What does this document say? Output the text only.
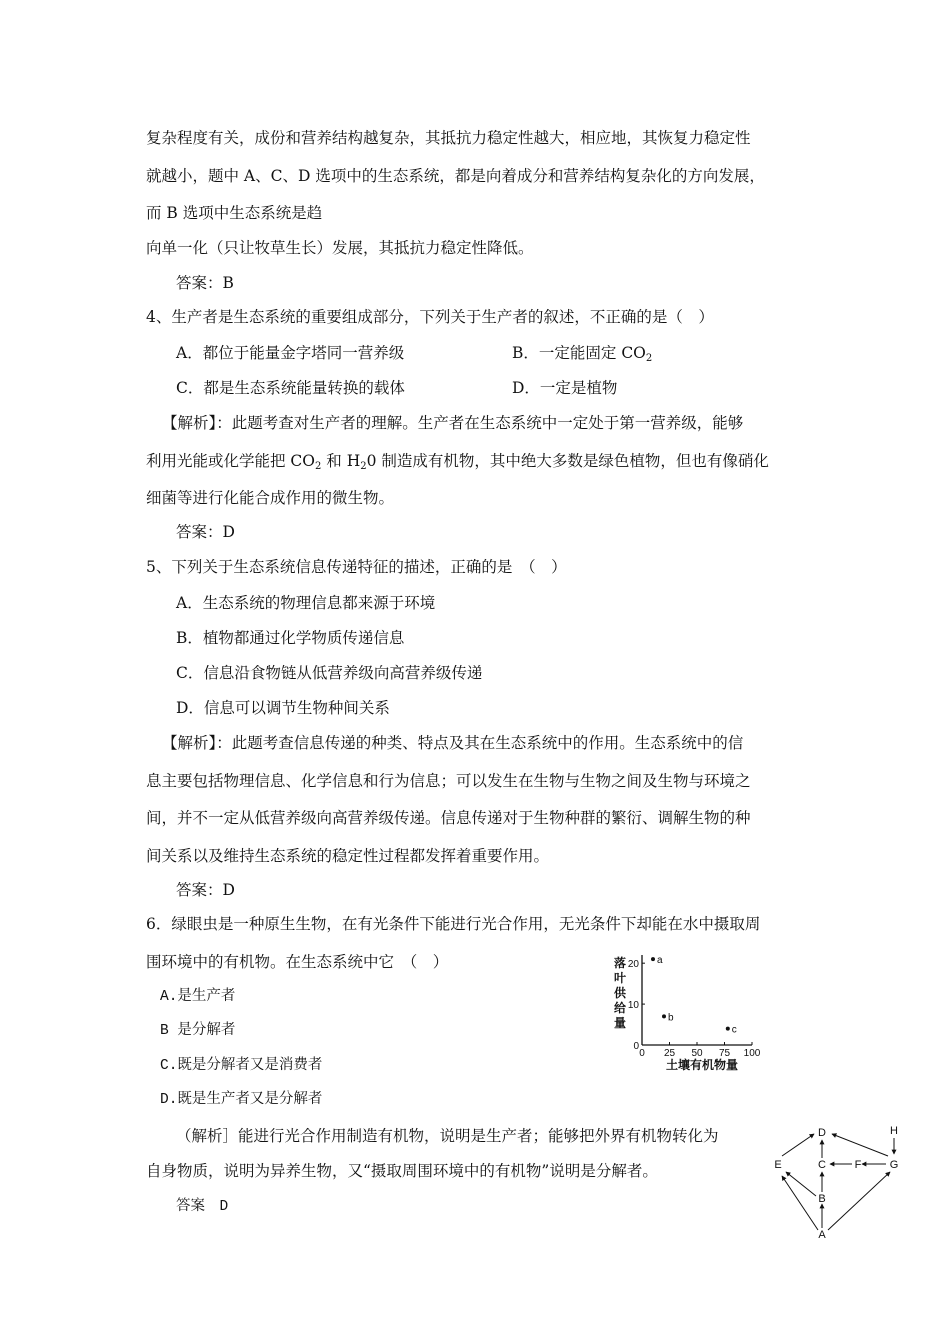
复杂程度有关，成份和营养结构越复杂，其抵抗力稳定性越大，相应地，其恢复力稳定性
就越小，题中 A、C、D 选项中的生态系统，都是向着成分和营养结构复杂化的方向发展，
而 B 选项中生态系统是趋
向单一化（只让牧草生长）发展，其抵抗力稳定性降低。
答案：B
4、生产者是生态系统的重要组成部分，下列关于生产者的叙述，不正确的是（　）
A．都位于能量金字塔同一营养级	B．一定能固定 $CO_2$
C．都是生态系统能量转换的载体	D．一定是植物
【解析】：此题考查对生产者的理解。生产者在生态系统中一定处于第一营养级，能够
利用光能或化学能把 $CO_2$ 和 $H_20$ 制造成有机物，其中绝大多数是绿色植物，但也有像硝化
细菌等进行化能合成作用的微生物。
答案：D
5、下列关于生态系统信息传递特征的描述，正确的是　（　）
A．生态系统的物理信息都来源于环境
B．植物都通过化学物质传递信息
C．信息沿食物链从低营养级向高营养级传递
D．信息可以调节生物种间关系
【解析】：此题考查信息传递的种类、特点及其在生态系统中的作用。生态系统中的信
息主要包括物理信息、化学信息和行为信息；可以发生在生物与生物之间及生物与环境之
间，并不一定从低营养级向高营养级传递。信息传递对于生物种群的繁衍、调解生物的种
间关系以及维持生态系统的稳定性过程都发挥着重要作用。
答案：D
6．绿眼虫是一种原生生物，在有光条件下能进行光合作用，无光条件下却能在水中摄取周
围环境中的有机物。在生态系统中它　（　）
A.是生产者
B 是分解者
C.既是分解者又是消费者
D.既是生产者又是分解者
（解析］能进行光合作用制造有机物，说明是生产者；能够把外界有机物转化为
自身物质，说明为异养生物，又“摄取周围环境中的有机物”说明是分解者。
答案　D
落
叶
供
给
量
0 25 50 75 100
0
10
20 a
b
c
土壤有机物量
D	H
E	C	F	G
B
A
